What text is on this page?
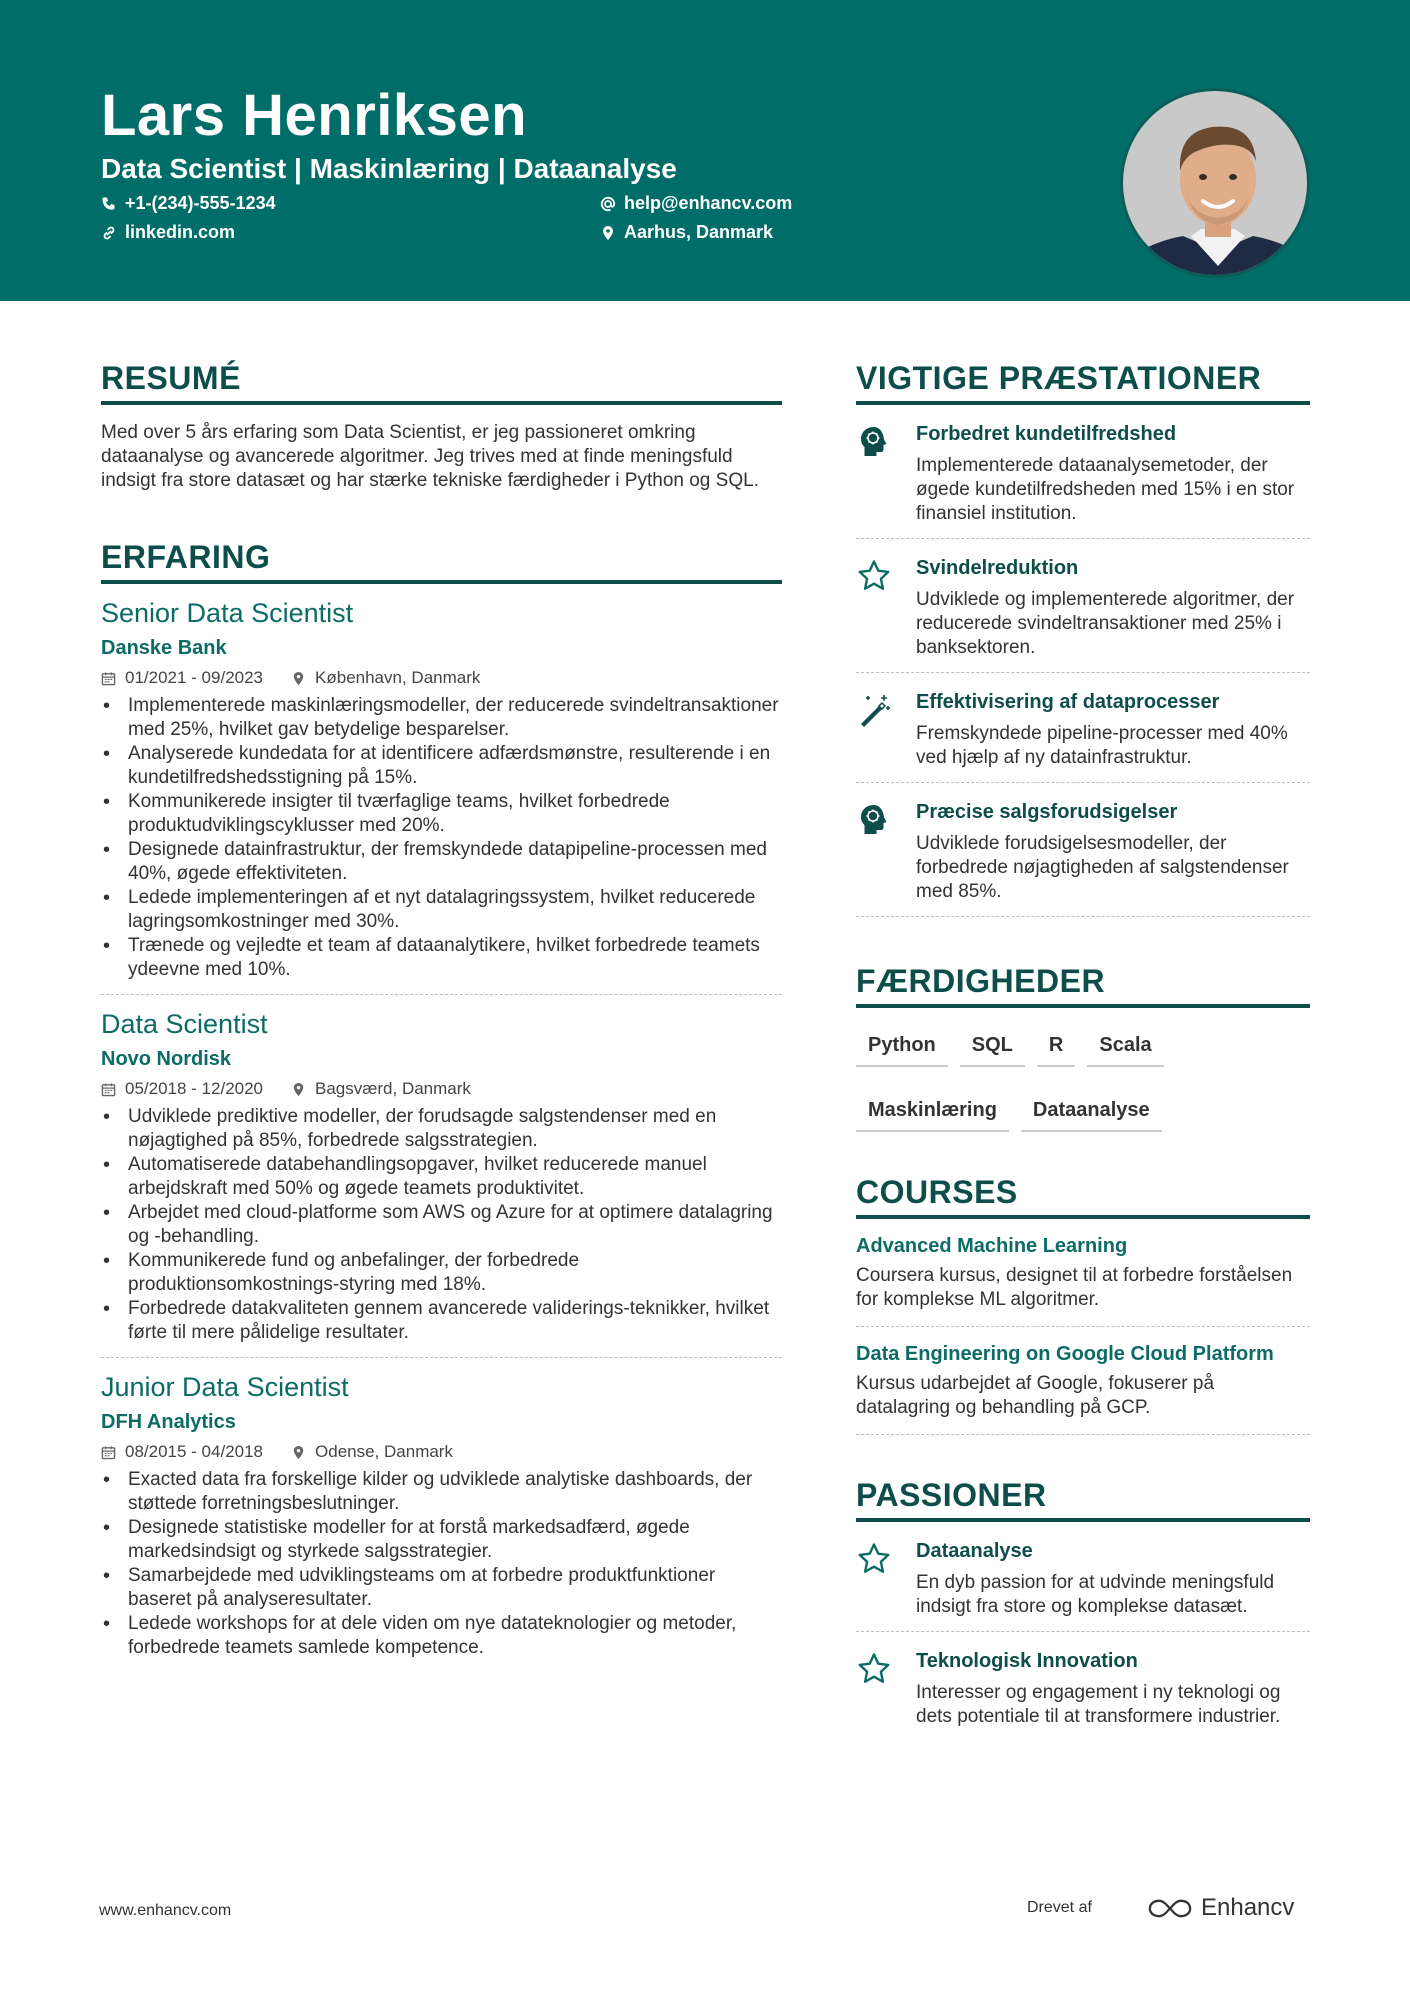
Lars Henriksen
Data Scientist | Maskinlæring | Dataanalyse
+1-(234)-555-1234	help@enhancv.com
linkedin.com	Aarhus, Danmark
RESUMÉ
Med over 5 års erfaring som Data Scientist, er jeg passioneret omkring dataanalyse og avancerede algoritmer. Jeg trives med at finde meningsfuld indsigt fra store datasæt og har stærke tekniske færdigheder i Python og SQL.
ERFARING
Senior Data Scientist
Danske Bank
01/2021 - 09/2023	København, Danmark
• Implementerede maskinlæringsmodeller, der reducerede svindeltransaktioner med 25%, hvilket gav betydelige besparelser.
• Analyserede kundedata for at identificere adfærdsmønstre, resulterende i en kundetilfredshedsstigning på 15%.
• Kommunikerede insigter til tværfaglige teams, hvilket forbedrede produktudviklingscyklusser med 20%.
• Designede datainfrastruktur, der fremskyndede datapipeline-processen med 40%, øgede effektiviteten.
• Ledede implementeringen af et nyt datalagringssystem, hvilket reducerede lagringsomkostninger med 30%.
• Trænede og vejledte et team af dataanalytikere, hvilket forbedrede teamets ydeevne med 10%.
Data Scientist
Novo Nordisk
05/2018 - 12/2020	Bagsværd, Danmark
• Udviklede prediktive modeller, der forudsagde salgstendenser med en nøjagtighed på 85%, forbedrede salgsstrategien.
• Automatiserede databehandlingsopgaver, hvilket reducerede manuel arbejdskraft med 50% og øgede teamets produktivitet.
• Arbejdet med cloud-platforme som AWS og Azure for at optimere datalagring og -behandling.
• Kommunikerede fund og anbefalinger, der forbedrede produktionsomkostnings-styring med 18%.
• Forbedrede datakvaliteten gennem avancerede validerings-teknikker, hvilket førte til mere pålidelige resultater.
Junior Data Scientist
DFH Analytics
08/2015 - 04/2018	Odense, Danmark
• Exacted data fra forskellige kilder og udviklede analytiske dashboards, der støttede forretningsbeslutninger.
• Designede statistiske modeller for at forstå markedsadfærd, øgede markedsindsigt og styrkede salgsstrategier.
• Samarbejdede med udviklingsteams om at forbedre produktfunktioner baseret på analyseresultater.
• Ledede workshops for at dele viden om nye datateknologier og metoder, forbedrede teamets samlede kompetence.
VIGTIGE PRÆSTATIONER
Forbedret kundetilfredshed
Implementerede dataanalysemetoder, der øgede kundetilfredsheden med 15% i en stor finansiel institution.
Svindelreduktion
Udviklede og implementerede algoritmer, der reducerede svindeltransaktioner med 25% i banksektoren.
Effektivisering af dataprocesser
Fremskyndede pipeline-processer med 40% ved hjælp af ny datainfrastruktur.
Præcise salgsforudsigelser
Udviklede forudsigelsesmodeller, der forbedrede nøjagtigheden af salgstendenser med 85%.
FÆRDIGHEDER
Python	SQL	R	Scala
Maskinlæring	Dataanalyse
COURSES
Advanced Machine Learning
Coursera kursus, designet til at forbedre forståelsen for komplekse ML algoritmer.
Data Engineering on Google Cloud Platform
Kursus udarbejdet af Google, fokuserer på datalagring og behandling på GCP.
PASSIONER
Dataanalyse
En dyb passion for at udvinde meningsfuld indsigt fra store og komplekse datasæt.
Teknologisk Innovation
Interesser og engagement i ny teknologi og dets potentiale til at transformere industrier.
www.enhancv.com	Drevet af	Enhancv
